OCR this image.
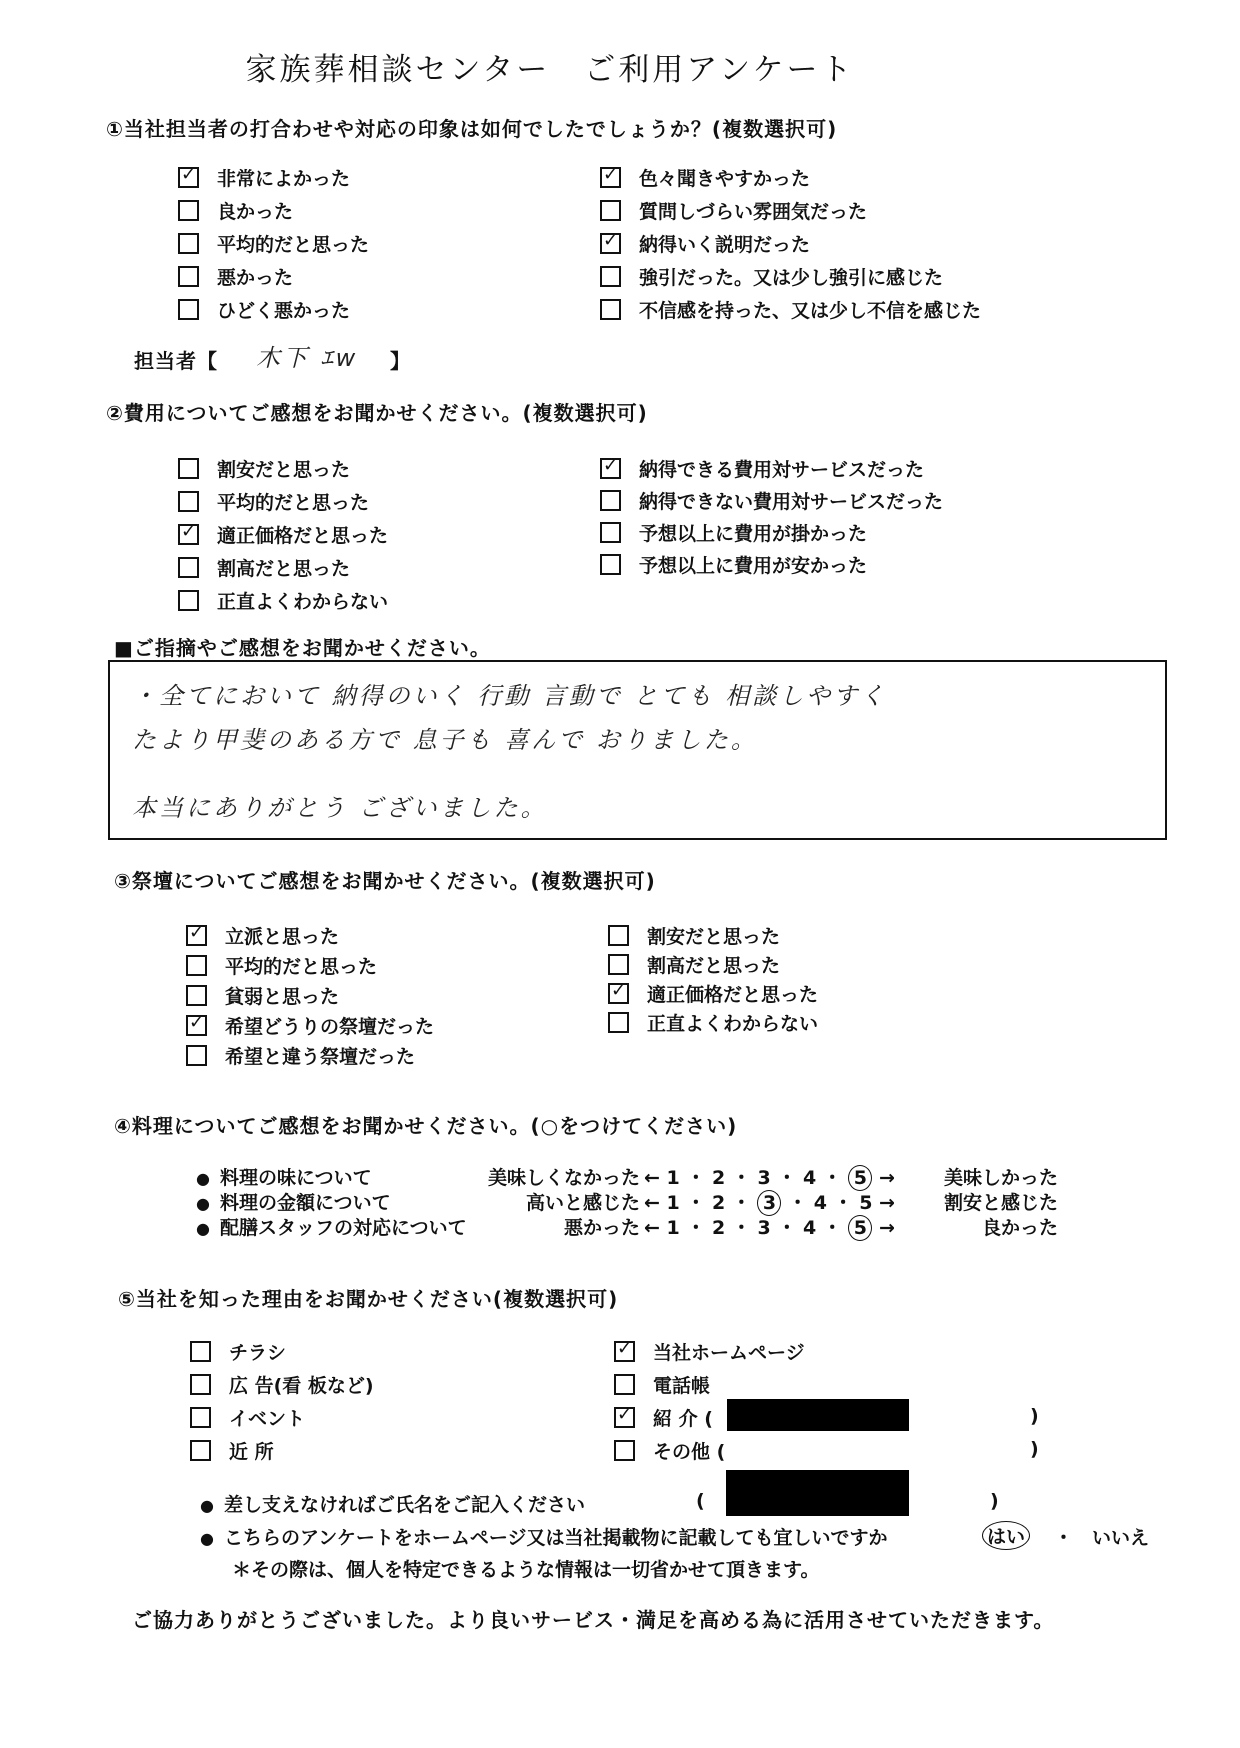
家族葬相談センター　ご利用アンケート
①当社担当者の打合わせや対応の印象は如何でしたでしょうか？(複数選択可)
✓
非常によかった
良かった
平均的だと思った
悪かった
ひどく悪かった
✓
色々聞きやすかった
質問しづらい雰囲気だった
✓
納得いく説明だった
強引だった。又は少し強引に感じた
不信感を持った、又は少し不信を感じた
担当者【 木下 ｴw 】
②費用についてご感想をお聞かせください。(複数選択可)
割安だと思った
平均的だと思った
✓
適正価格だと思った
割高だと思った
正直よくわからない
✓
納得できる費用対サービスだった
納得できない費用対サービスだった
予想以上に費用が掛かった
予想以上に費用が安かった
■ご指摘やご感想をお聞かせください。
・全てにおいて 納得のいく 行動 言動で とても 相談しやすく
たより甲斐のある方で 息子も 喜んで おりました。
本当にありがとう ございました。
③祭壇についてご感想をお聞かせください。(複数選択可)
✓
立派と思った
平均的だと思った
貧弱と思った
✓
希望どうりの祭壇だった
希望と違う祭壇だった
割安だと思った
割高だと思った
✓
適正価格だと思った
正直よくわからない
④料理についてご感想をお聞かせください。(○をつけてください)
● 料理の味について	美味しくなかった ← 1 ・ 2 ・ 3 ・ 4 ・ 5 →	美味しかった
● 料理の金額について	高いと感じた ← 1 ・ 2 ・ 3 ・ 4 ・ 5 →	割安と感じた
● 配膳スタッフの対応について	悪かった ← 1 ・ 2 ・ 3 ・ 4 ・ 5 →	良かった
⑤当社を知った理由をお聞かせください(複数選択可)
チラシ
広 告(看 板など)
イベント
近 所
✓
当社ホームページ
電話帳
✓
紹 介 (
その他 (
)
)
● 差し支えなければご氏名をご記入ください	(	)
● こちらのアンケートをホームページ又は当社掲載物に記載しても宜しいですか	はい ・ いいえ
＊その際は、個人を特定できるような情報は一切省かせて頂きます。
ご協力ありがとうございました。より良いサービス・満足を高める為に活用させていただきます。
